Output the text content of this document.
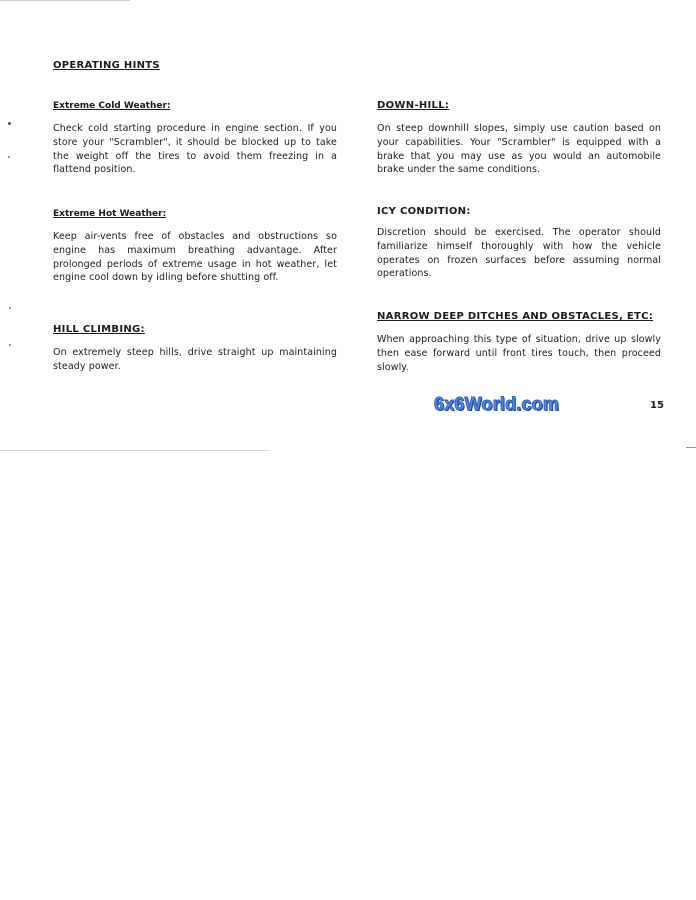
OPERATING HINTS

Extreme Cold Weather:

Check cold starting procedure in engine section. If you store your "Scrambler", it should be blocked up to take the weight off the tires to avoid them freezing in a flattend position.

Extreme Hot Weather:

Keep air-vents free of obstacles and obstructions so engine has maximum breathing advantage. After prolonged periods of extreme usage in hot weather, let engine cool down by idling before shutting off.

HILL CLIMBING:

On extremely steep hills, drive straight up maintaining steady power.

DOWN-HILL:

On steep downhill slopes, simply use caution based on your capabilities. Your "Scrambler" is equipped with a brake that you may use as you would an automobile brake under the same conditions.

ICY CONDITION:

Discretion should be exercised. The operator should familiarize himself thoroughly with how the vehicle operates on frozen surfaces before assuming normal operations.

NARROW DEEP DITCHES AND OBSTACLES, ETC:

When approaching this type of situation, drive up slowly then ease forward until front tires touch, then proceed slowly.

6x6World.com	15
